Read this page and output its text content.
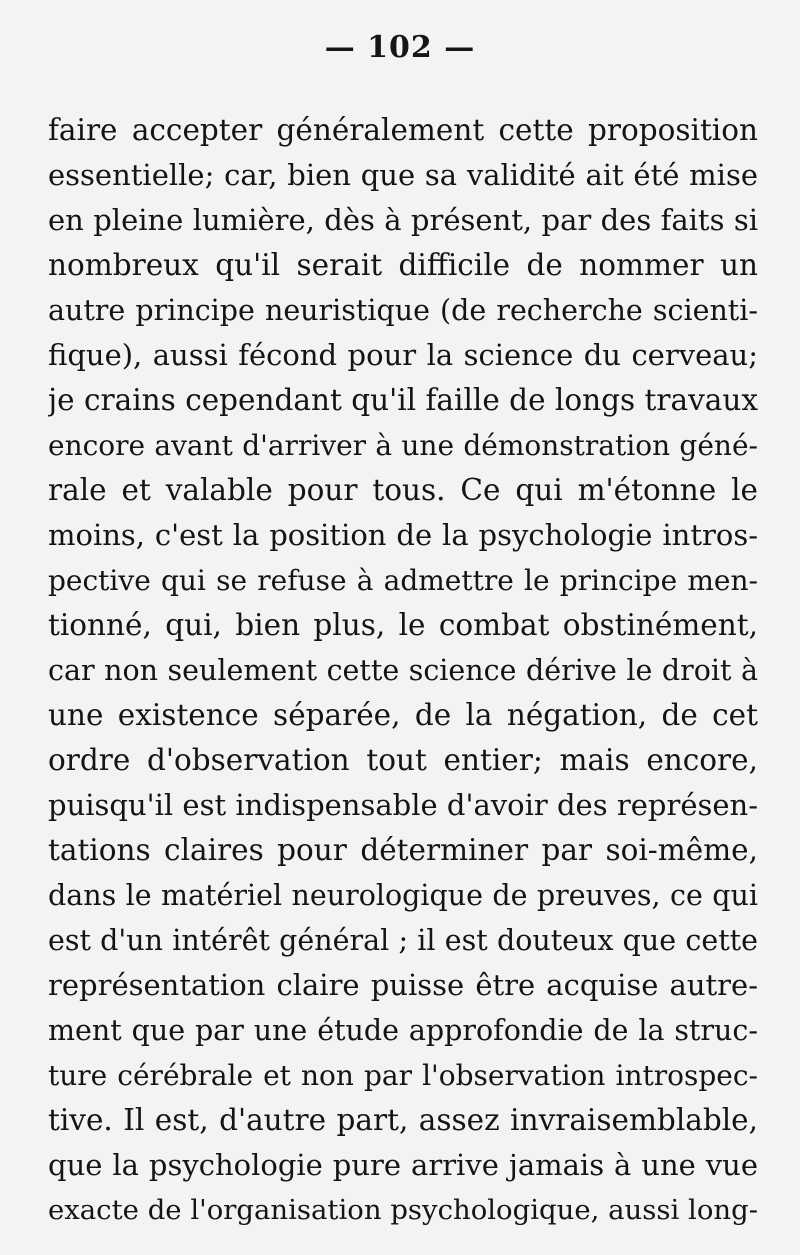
— 102 —
faire accepter généralement cette proposition
essentielle; car, bien que sa validité ait été mise
en pleine lumière, dès à présent, par des faits si
nombreux qu'il serait difficile de nommer un
autre principe neuristique (de recherche scienti-
fique), aussi fécond pour la science du cerveau;
je crains cependant qu'il faille de longs travaux
encore avant d'arriver à une démonstration géné-
rale et valable pour tous. Ce qui m'étonne le
moins, c'est la position de la psychologie intros-
pective qui se refuse à admettre le principe men-
tionné, qui, bien plus, le combat obstinément,
car non seulement cette science dérive le droit à
une existence séparée, de la négation, de cet
ordre d'observation tout entier; mais encore,
puisqu'il est indispensable d'avoir des représen-
tations claires pour déterminer par soi-même,
dans le matériel neurologique de preuves, ce qui
est d'un intérêt général ; il est douteux que cette
représentation claire puisse être acquise autre-
ment que par une étude approfondie de la struc-
ture cérébrale et non par l'observation introspec-
tive. Il est, d'autre part, assez invraisemblable,
que la psychologie pure arrive jamais à une vue
exacte de l'organisation psychologique, aussi long-
